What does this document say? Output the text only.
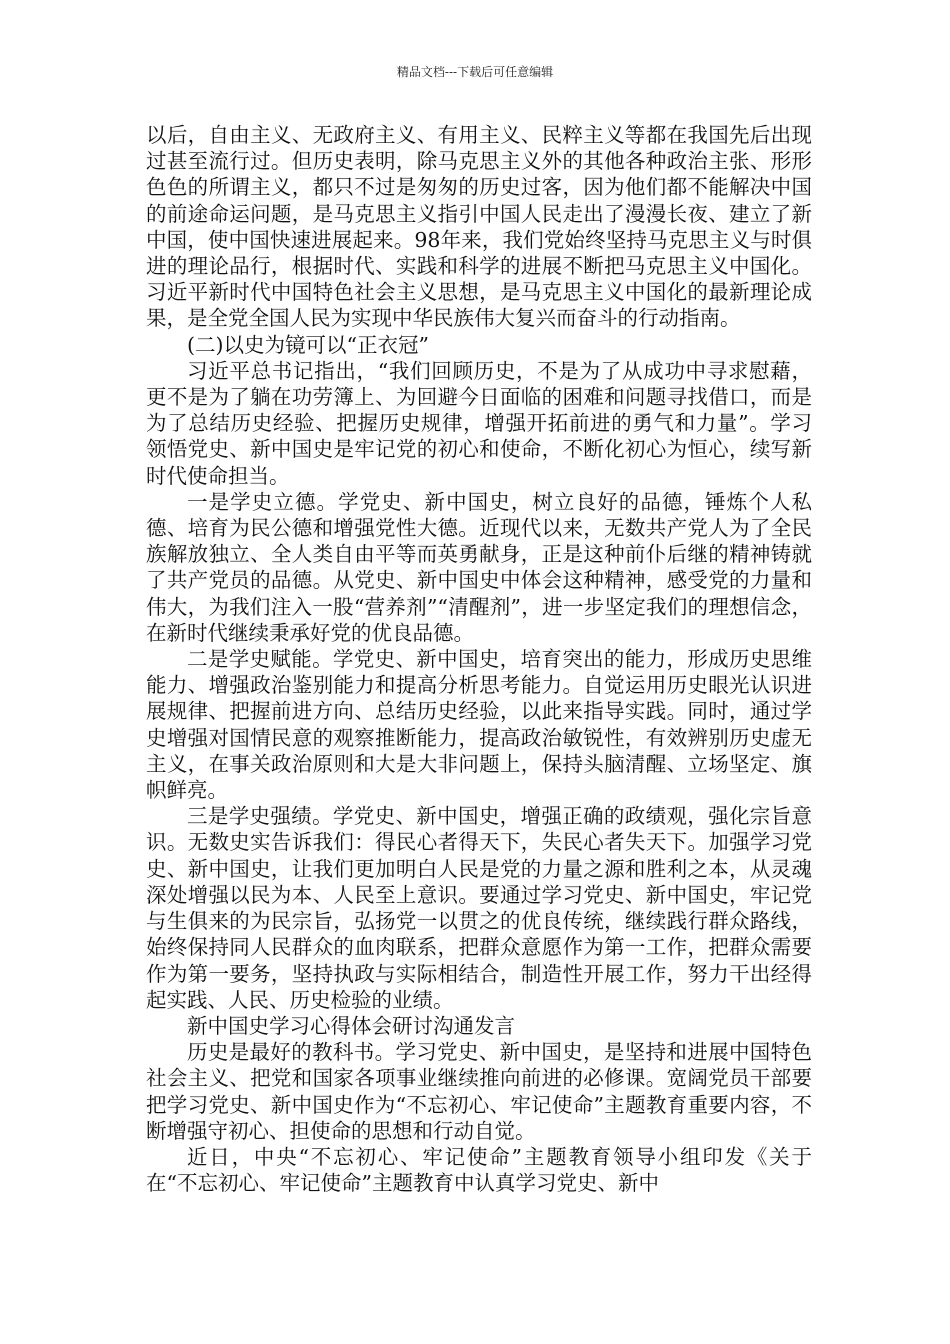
精品文档---下载后可任意编辑

以后，自由主义、无政府主义、有用主义、民粹主义等都在我国先后出现过甚至流行过。但历史表明，除马克思主义外的其他各种政治主张、形形色色的所谓主义，都只不过是匆匆的历史过客，因为他们都不能解决中国的前途命运问题，是马克思主义指引中国人民走出了漫漫长夜、建立了新中国，使中国快速进展起来。98年来，我们党始终坚持马克思主义与时俱进的理论品行，根据时代、实践和科学的进展不断把马克思主义中国化。习近平新时代中国特色社会主义思想，是马克思主义中国化的最新理论成果，是全党全国人民为实现中华民族伟大复兴而奋斗的行动指南。

(二)以史为镜可以“正衣冠”

习近平总书记指出，“我们回顾历史，不是为了从成功中寻求慰藉，更不是为了躺在功劳簿上、为回避今日面临的困难和问题寻找借口，而是为了总结历史经验、把握历史规律，增强开拓前进的勇气和力量”。学习领悟党史、新中国史是牢记党的初心和使命，不断化初心为恒心，续写新时代使命担当。

一是学史立德。学党史、新中国史，树立良好的品德，锤炼个人私德、培育为民公德和增强党性大德。近现代以来，无数共产党人为了全民族解放独立、全人类自由平等而英勇献身，正是这种前仆后继的精神铸就了共产党员的品德。从党史、新中国史中体会这种精神，感受党的力量和伟大，为我们注入一股“营养剂”“清醒剂”，进一步坚定我们的理想信念，在新时代继续秉承好党的优良品德。

二是学史赋能。学党史、新中国史，培育突出的能力，形成历史思维能力、增强政治鉴别能力和提高分析思考能力。自觉运用历史眼光认识进展规律、把握前进方向、总结历史经验，以此来指导实践。同时，通过学史增强对国情民意的观察推断能力，提高政治敏锐性，有效辨别历史虚无主义，在事关政治原则和大是大非问题上，保持头脑清醒、立场坚定、旗帜鲜亮。

三是学史强绩。学党史、新中国史，增强正确的政绩观，强化宗旨意识。无数史实告诉我们：得民心者得天下，失民心者失天下。加强学习党史、新中国史，让我们更加明白人民是党的力量之源和胜利之本，从灵魂深处增强以民为本、人民至上意识。要通过学习党史、新中国史，牢记党与生俱来的为民宗旨，弘扬党一以贯之的优良传统，继续践行群众路线，始终保持同人民群众的血肉联系，把群众意愿作为第一工作，把群众需要作为第一要务，坚持执政与实际相结合，制造性开展工作，努力干出经得起实践、人民、历史检验的业绩。

新中国史学习心得体会研讨沟通发言

历史是最好的教科书。学习党史、新中国史，是坚持和进展中国特色社会主义、把党和国家各项事业继续推向前进的必修课。宽阔党员干部要把学习党史、新中国史作为“不忘初心、牢记使命”主题教育重要内容，不断增强守初心、担使命的思想和行动自觉。

近日，中央“不忘初心、牢记使命”主题教育领导小组印发《关于在“不忘初心、牢记使命”主题教育中认真学习党史、新中
